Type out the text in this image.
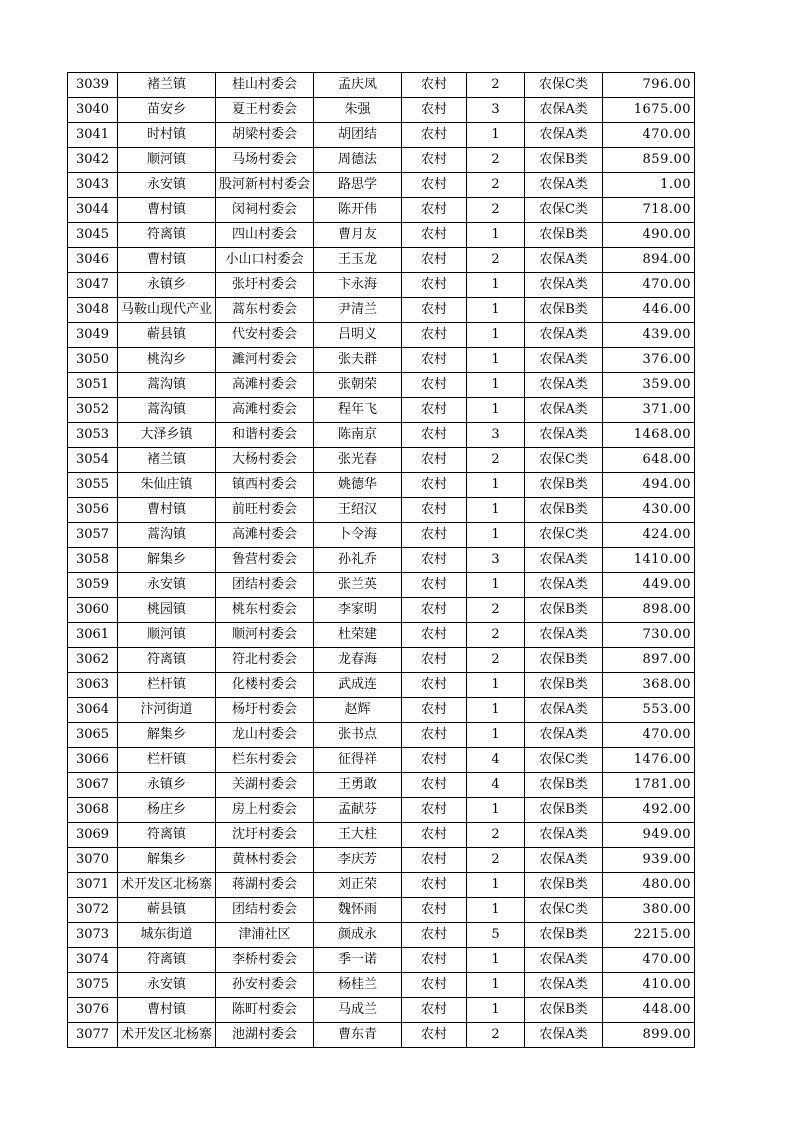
3039	褚兰镇	桂山村委会	孟庆凤	农村	2	农保C类	796.00
3040	苗安乡	夏王村委会	朱强	农村	3	农保A类	1675.00
3041	时村镇	胡梁村委会	胡团结	农村	1	农保A类	470.00
3042	顺河镇	马场村委会	周德法	农村	2	农保B类	859.00
3043	永安镇	股河新村村委会	路思学	农村	2	农保A类	1.00
3044	曹村镇	闵祠村委会	陈开伟	农村	2	农保C类	718.00
3045	符离镇	四山村委会	曹月友	农村	1	农保B类	490.00
3046	曹村镇	小山口村委会	王玉龙	农村	2	农保A类	894.00
3047	永镇乡	张圩村委会	卞永海	农村	1	农保A类	470.00
3048	马鞍山现代产业	蒿东村委会	尹清兰	农村	1	农保B类	446.00
3049	蕲县镇	代安村委会	吕明义	农村	1	农保A类	439.00
3050	桃沟乡	濉河村委会	张夫群	农村	1	农保A类	376.00
3051	蒿沟镇	高滩村委会	张朝荣	农村	1	农保A类	359.00
3052	蒿沟镇	高滩村委会	程年飞	农村	1	农保A类	371.00
3053	大泽乡镇	和谐村委会	陈南京	农村	3	农保A类	1468.00
3054	褚兰镇	大杨村委会	张光春	农村	2	农保C类	648.00
3055	朱仙庄镇	镇西村委会	姚德华	农村	1	农保B类	494.00
3056	曹村镇	前旺村委会	王绍汉	农村	1	农保B类	430.00
3057	蒿沟镇	高滩村委会	卜令海	农村	1	农保C类	424.00
3058	解集乡	鲁营村委会	孙礼乔	农村	3	农保A类	1410.00
3059	永安镇	团结村委会	张兰英	农村	1	农保A类	449.00
3060	桃园镇	桃东村委会	李家明	农村	2	农保B类	898.00
3061	顺河镇	顺河村委会	杜荣建	农村	2	农保A类	730.00
3062	符离镇	符北村委会	龙春海	农村	2	农保B类	897.00
3063	栏杆镇	化楼村委会	武成连	农村	1	农保B类	368.00
3064	汴河街道	杨圩村委会	赵辉	农村	1	农保A类	553.00
3065	解集乡	龙山村委会	张书点	农村	1	农保A类	470.00
3066	栏杆镇	栏东村委会	征得祥	农村	4	农保C类	1476.00
3067	永镇乡	关湖村委会	王勇敢	农村	4	农保B类	1781.00
3068	杨庄乡	房上村委会	孟献芬	农村	1	农保B类	492.00
3069	符离镇	沈圩村委会	王大柱	农村	2	农保A类	949.00
3070	解集乡	黄林村委会	李庆芳	农村	2	农保A类	939.00
3071	术开发区北杨寨	蒋湖村委会	刘正荣	农村	1	农保B类	480.00
3072	蕲县镇	团结村委会	魏怀雨	农村	1	农保C类	380.00
3073	城东街道	津浦社区	颜成永	农村	5	农保B类	2215.00
3074	符离镇	李桥村委会	季一诺	农村	1	农保A类	470.00
3075	永安镇	孙安村委会	杨桂兰	农村	1	农保A类	410.00
3076	曹村镇	陈町村委会	马成兰	农村	1	农保B类	448.00
3077	术开发区北杨寨	池湖村委会	曹东青	农村	2	农保A类	899.00
